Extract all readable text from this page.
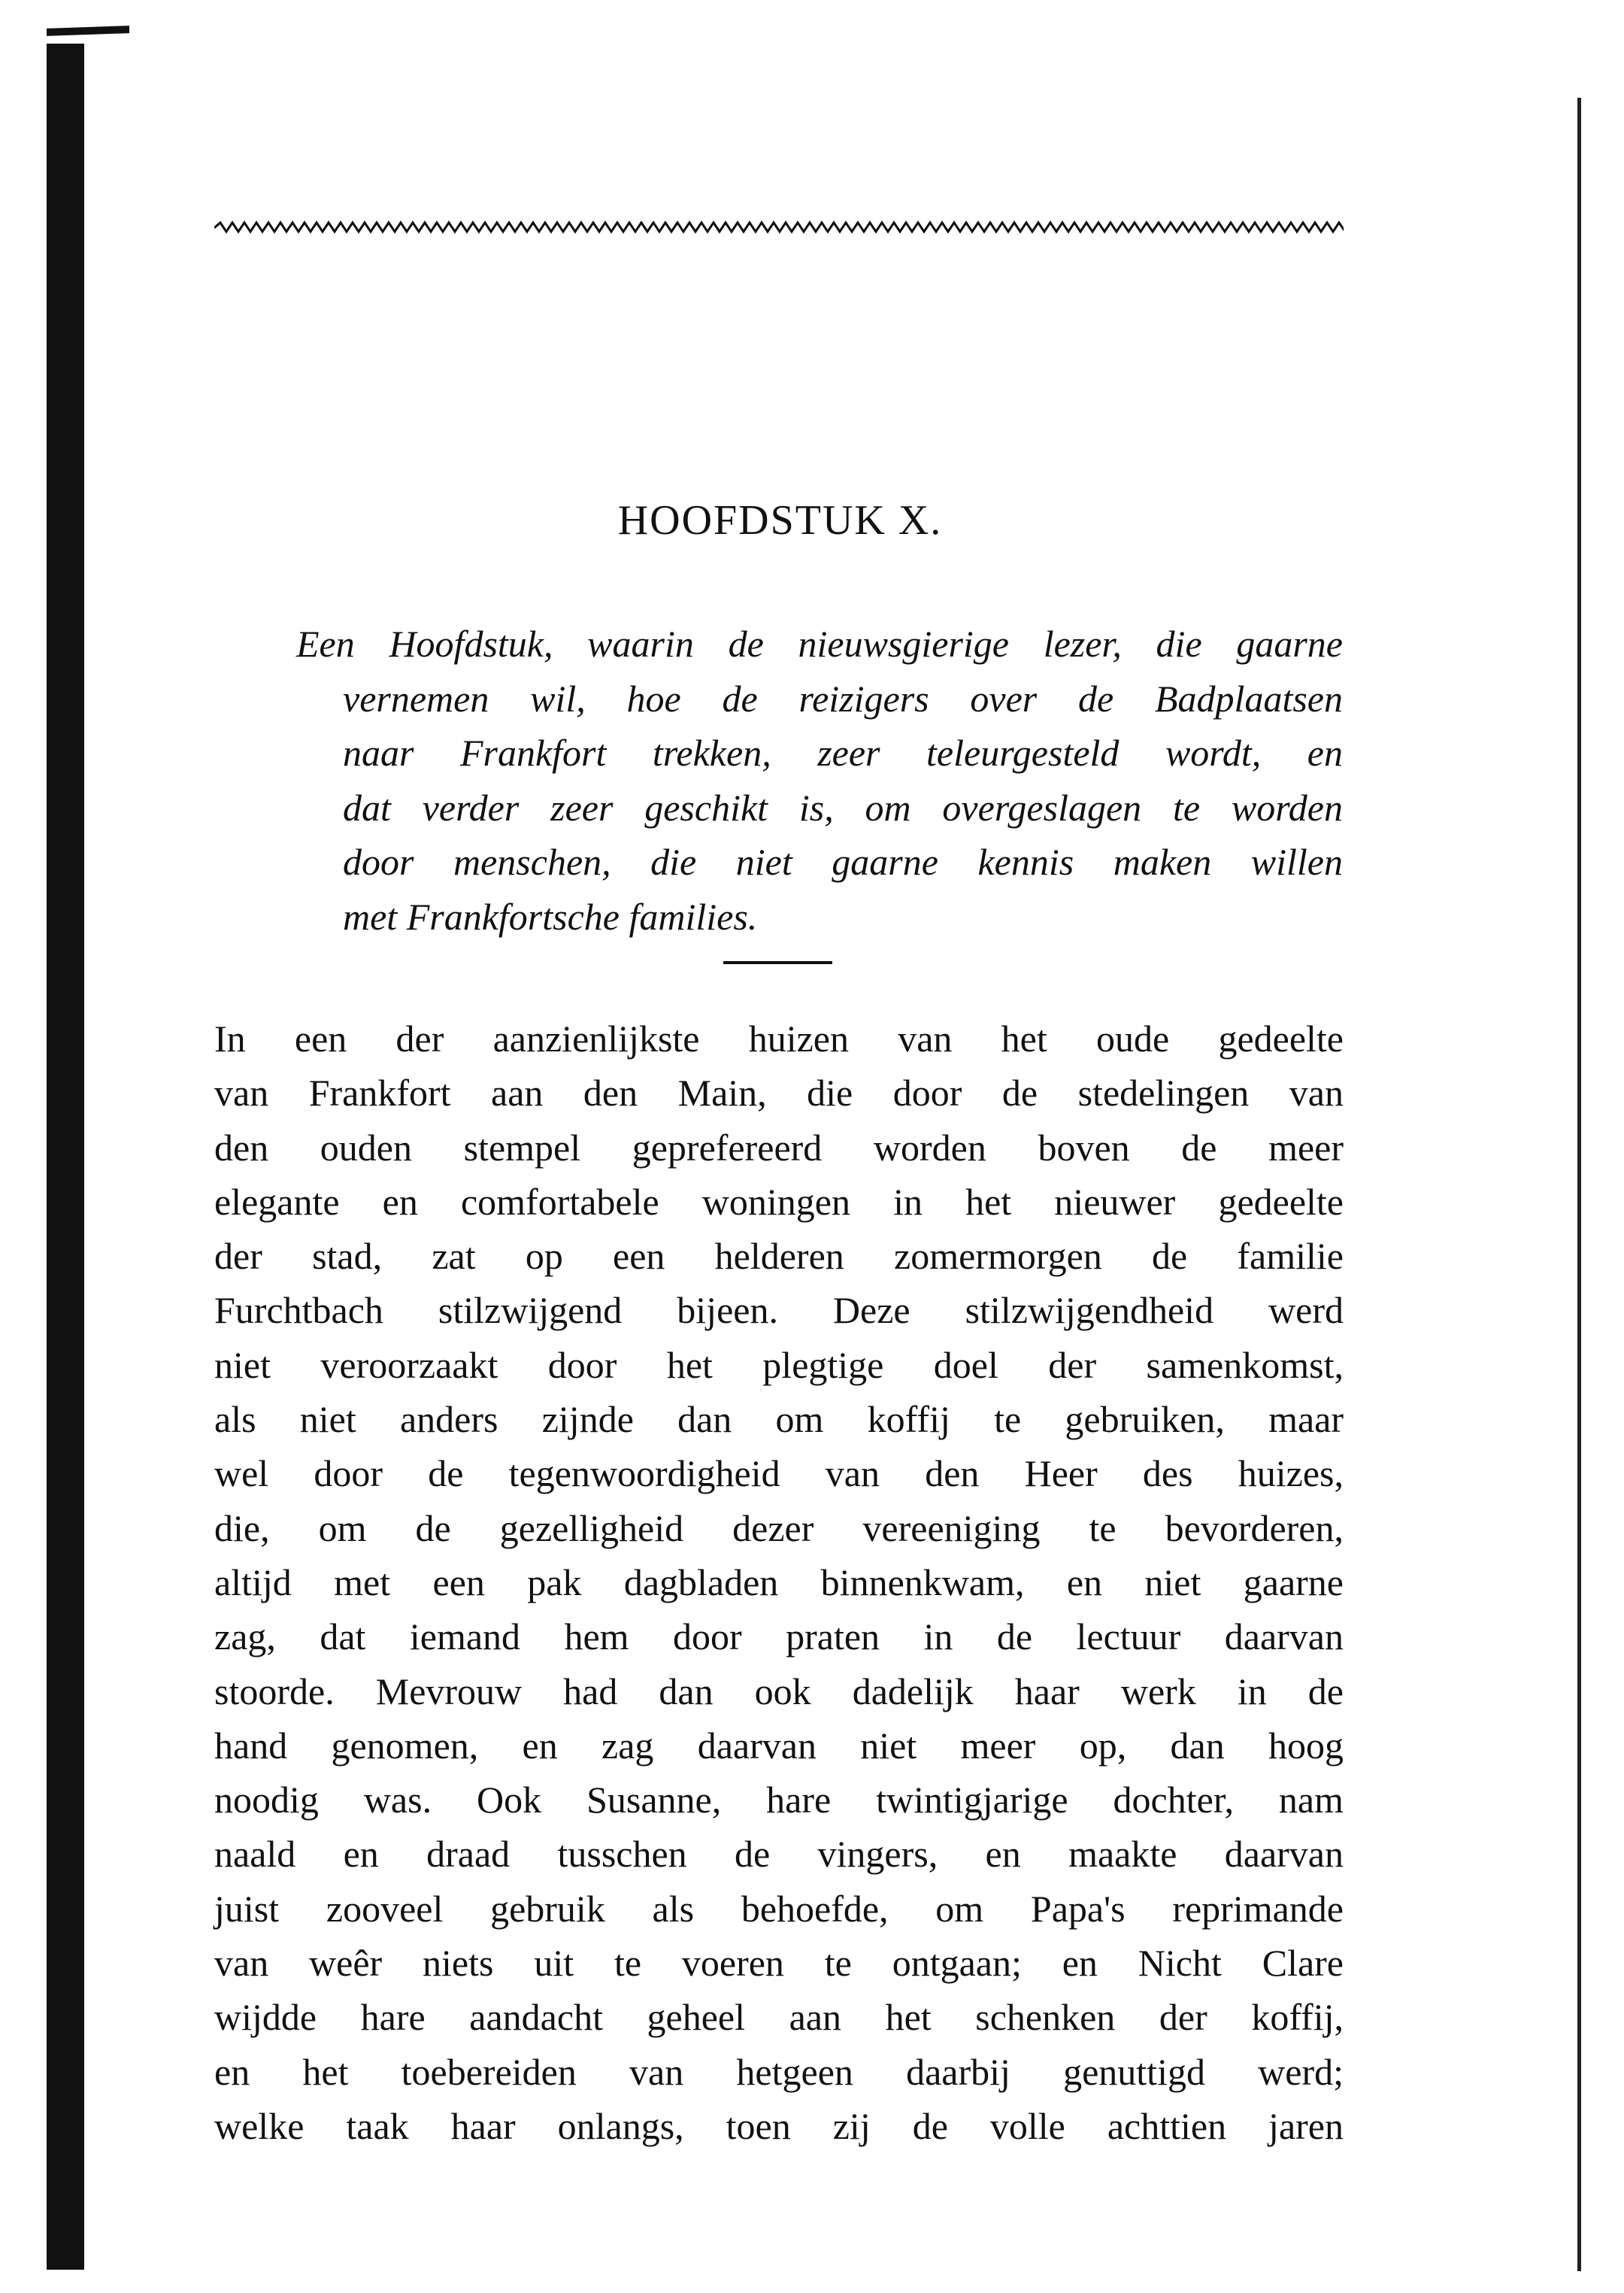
HOOFDSTUK X.
Een Hoofdstuk, waarin de nieuwsgierige lezer, die gaarne
vernemen wil, hoe de reizigers over de Badplaatsen
naar Frankfort trekken, zeer teleurgesteld wordt, en
dat verder zeer geschikt is, om overgeslagen te worden
door menschen, die niet gaarne kennis maken willen
met Frankfortsche families.
In een der aanzienlijkste huizen van het oude gedeelte
van Frankfort aan den Main, die door de stedelingen van
den ouden stempel geprefereerd worden boven de meer
elegante en comfortabele woningen in het nieuwer gedeelte
der stad, zat op een helderen zomermorgen de familie
Furchtbach stilzwijgend bijeen. Deze stilzwijgendheid werd
niet veroorzaakt door het plegtige doel der samenkomst,
als niet anders zijnde dan om koffij te gebruiken, maar
wel door de tegenwoordigheid van den Heer des huizes,
die, om de gezelligheid dezer vereeniging te bevorderen,
altijd met een pak dagbladen binnenkwam, en niet gaarne
zag, dat iemand hem door praten in de lectuur daarvan
stoorde. Mevrouw had dan ook dadelijk haar werk in de
hand genomen, en zag daarvan niet meer op, dan hoog
noodig was. Ook Susanne, hare twintigjarige dochter, nam
naald en draad tusschen de vingers, en maakte daarvan
juist zooveel gebruik als behoefde, om Papa's reprimande
van weêr niets uit te voeren te ontgaan; en Nicht Clare
wijdde hare aandacht geheel aan het schenken der koffij,
en het toebereiden van hetgeen daarbij genuttigd werd;
welke taak haar onlangs, toen zij de volle achttien jaren
